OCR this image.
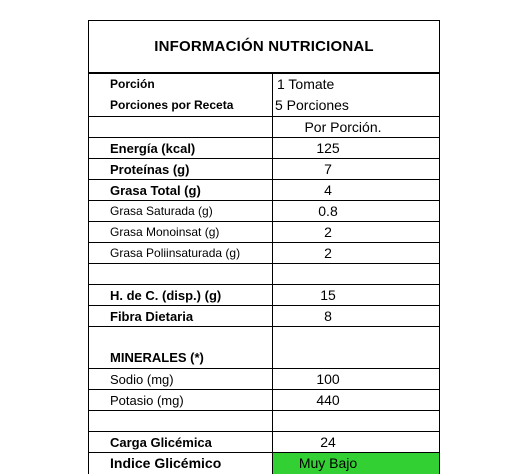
INFORMACIÓN NUTRICIONAL
Porción	1 Tomate
Porciones por Receta	5 Porciones
Por Porción.
Energía (kcal)	125
Proteínas (g)	7
Grasa Total (g)	4
Grasa Saturada (g)	0.8
Grasa Monoinsat (g)	2
Grasa Poliinsaturada (g)	2
H. de C. (disp.) (g)	15
Fibra Dietaria	8
MINERALES (*)
Sodio (mg)	100
Potasio (mg)	440
Carga Glicémica	24
Indice Glicémico	Muy Bajo
